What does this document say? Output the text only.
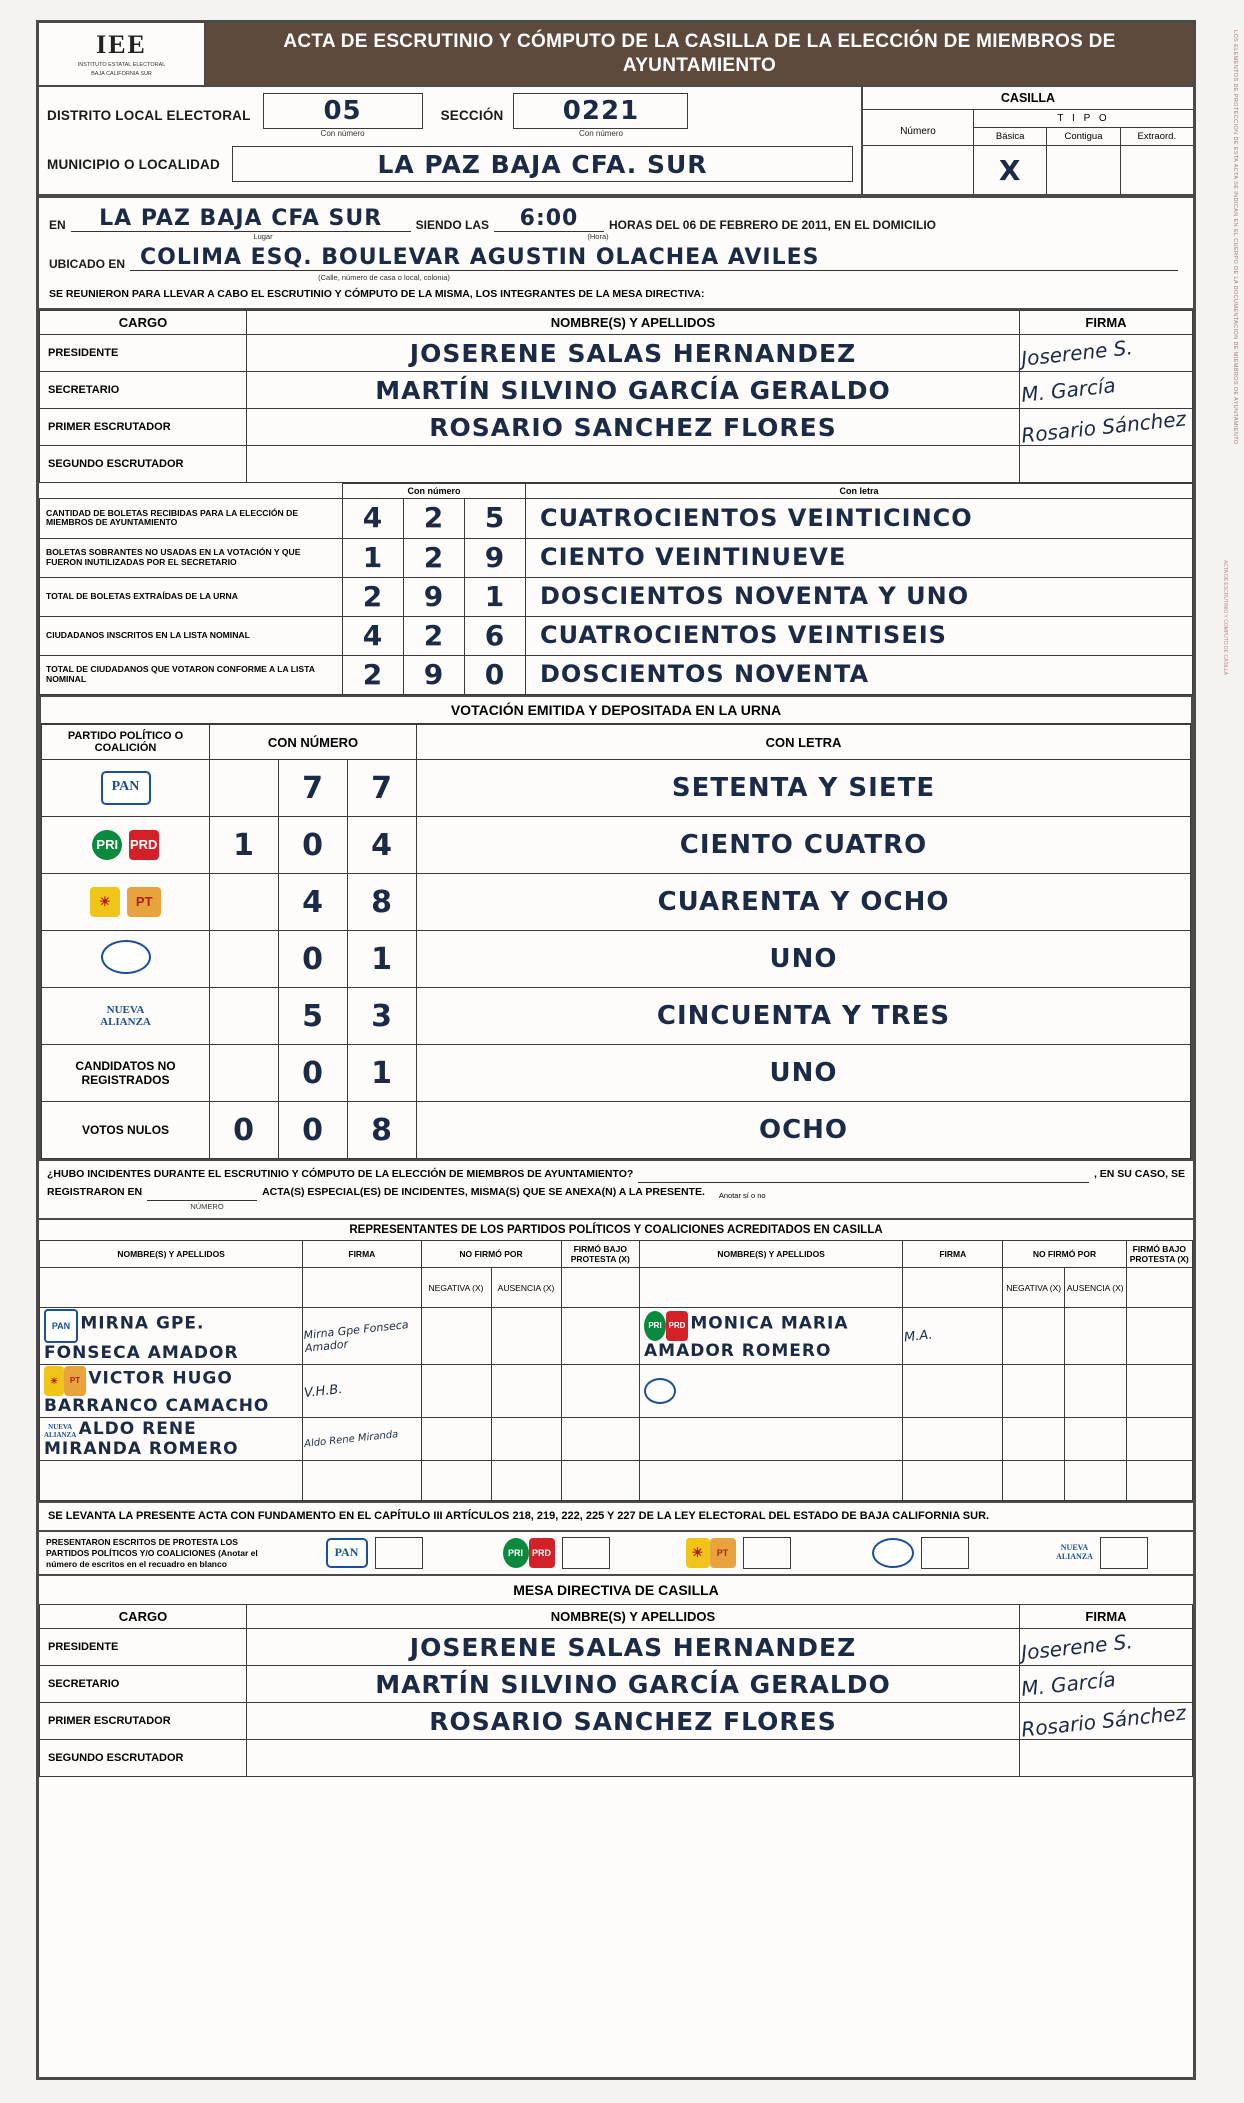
LOS ELEMENTOS DE PROTECCIÓN DE ESTA ACTA SE INDICAN EN EL CUERPO DE LA DOCUMENTACIÓN DE MIEMBROS DE AYUNTAMIENTO
ACTA DE ESCRUTINIO Y CÓMPUTO DE CASILLA
IEE
INSTITUTO ESTATAL ELECTORAL
BAJA CALIFORNIA SUR
ACTA DE ESCRUTINIO Y CÓMPUTO DE LA CASILLA DE LA ELECCIÓN DE MIEMBROS DE AYUNTAMIENTO
DISTRITO LOCAL ELECTORAL	05
Con número
SECCIÓN	0221
Con número
MUNICIPIO O LOCALIDAD	LA PAZ BAJA CFA. SUR
CASILLA
Número
T I P O
Básica	Contigua	Extraord.
X
EN	LA PAZ BAJA CFA SUR	SIENDO LAS	6:00	HORAS DEL 06 DE FEBRERO DE 2011, EN EL DOMICILIO
Lugar	(Hora)
UBICADO EN COLIMA ESQ. BOULEVAR AGUSTIN OLACHEA AVILES
(Calle, número de casa o local, colonia)
SE REUNIERON PARA LLEVAR A CABO EL ESCRUTINIO Y CÓMPUTO DE LA MISMA, LOS INTEGRANTES DE LA MESA DIRECTIVA:
CARGO	NOMBRE(S) Y APELLIDOS	FIRMA
PRESIDENTE	JOSERENE SALAS HERNANDEZ	Joserene S.
SECRETARIO	MARTÍN SILVINO GARCÍA GERALDO	M. García
PRIMER ESCRUTADOR	ROSARIO SANCHEZ FLORES	Rosario Sánchez
SEGUNDO ESCRUTADOR		
	Con número			Con letra
CANTIDAD DE BOLETAS RECIBIDAS PARA LA ELECCIÓN DE MIEMBROS DE AYUNTAMIENTO	4	2	5	CUATROCIENTOS VEINTICINCO
BOLETAS SOBRANTES NO USADAS EN LA VOTACIÓN Y QUE FUERON INUTILIZADAS POR EL SECRETARIO	1	2	9	CIENTO VEINTINUEVE
TOTAL DE BOLETAS EXTRAÍDAS DE LA URNA	2	9	1	DOSCIENTOS NOVENTA Y UNO
CIUDADANOS INSCRITOS EN LA LISTA NOMINAL	4	2	6	CUATROCIENTOS VEINTISEIS
TOTAL DE CIUDADANOS QUE VOTARON CONFORME A LA LISTA NOMINAL	2	9	0	DOSCIENTOS NOVENTA
VOTACIÓN EMITIDA Y DEPOSITADA EN LA URNA
PARTIDO POLÍTICO O COALICIÓN	CON NÚMERO			CON LETRA
PAN		7	7	SETENTA Y SIETE
PRI PRD	1	0	4	CIENTO CUATRO
☀ PT		4	8	CUARENTA Y OCHO
		0	1	UNO

NUEVA
ALIANZA		5	3	CINCUENTA Y TRES
CANDIDATOS NO REGISTRADOS		0	1	UNO
VOTOS NULOS	0	0	8	OCHO
¿HUBO INCIDENTES DURANTE EL ESCRUTINIO Y CÓMPUTO DE LA ELECCIÓN DE MIEMBROS DE AYUNTAMIENTO?	, EN SU CASO, SE
REGISTRARON EN	ACTA(S) ESPECIAL(ES) DE INCIDENTES, MISMA(S) QUE SE ANEXA(N) A LA PRESENTE. Anotar sí o no
NÚMERO
REPRESENTANTES DE LOS PARTIDOS POLÍTICOS Y COALICIONES ACREDITADOS EN CASILLA
NOMBRE(S) Y APELLIDOS	FIRMA	NO FIRMÓ POR		FIRMÓ BAJO PROTESTA (X)	NOMBRE(S) Y APELLIDOS	FIRMA	NO FIRMÓ POR		FIRMÓ BAJO PROTESTA (X)
		NEGATIVA (X)	AUSENCIA (X)				NEGATIVA (X)	AUSENCIA (X)	
PAN MIRNA GPE. FONSECA AMADOR	Mirna Gpe Fonseca Amador				PRI PRD MONICA MARIA AMADOR ROMERO	M.A.			
☀ PT VICTOR HUGO BARRANCO CAMACHO	V.H.B.								
NUEVA
ALIANZA ALDO RENE MIRANDA ROMERO	Aldo Rene Miranda								

SE LEVANTA LA PRESENTE ACTA CON FUNDAMENTO EN EL CAPÍTULO III ARTÍCULOS 218, 219, 222, 225 Y 227 DE LA LEY ELECTORAL DEL ESTADO DE BAJA CALIFORNIA SUR.
PRESENTARON ESCRITOS DE PROTESTA LOS PARTIDOS POLÍTICOS Y/O COALICIONES (Anotar el número de escritos en el recuadro en blanco
PAN	PRI PRD	☀	PT
NUEVA
ALIANZA
MESA DIRECTIVA DE CASILLA
CARGO	NOMBRE(S) Y APELLIDOS	FIRMA
PRESIDENTE	JOSERENE SALAS HERNANDEZ	Joserene S.
SECRETARIO	MARTÍN SILVINO GARCÍA GERALDO	M. García
PRIMER ESCRUTADOR	ROSARIO SANCHEZ FLORES	Rosario Sánchez
SEGUNDO ESCRUTADOR		
